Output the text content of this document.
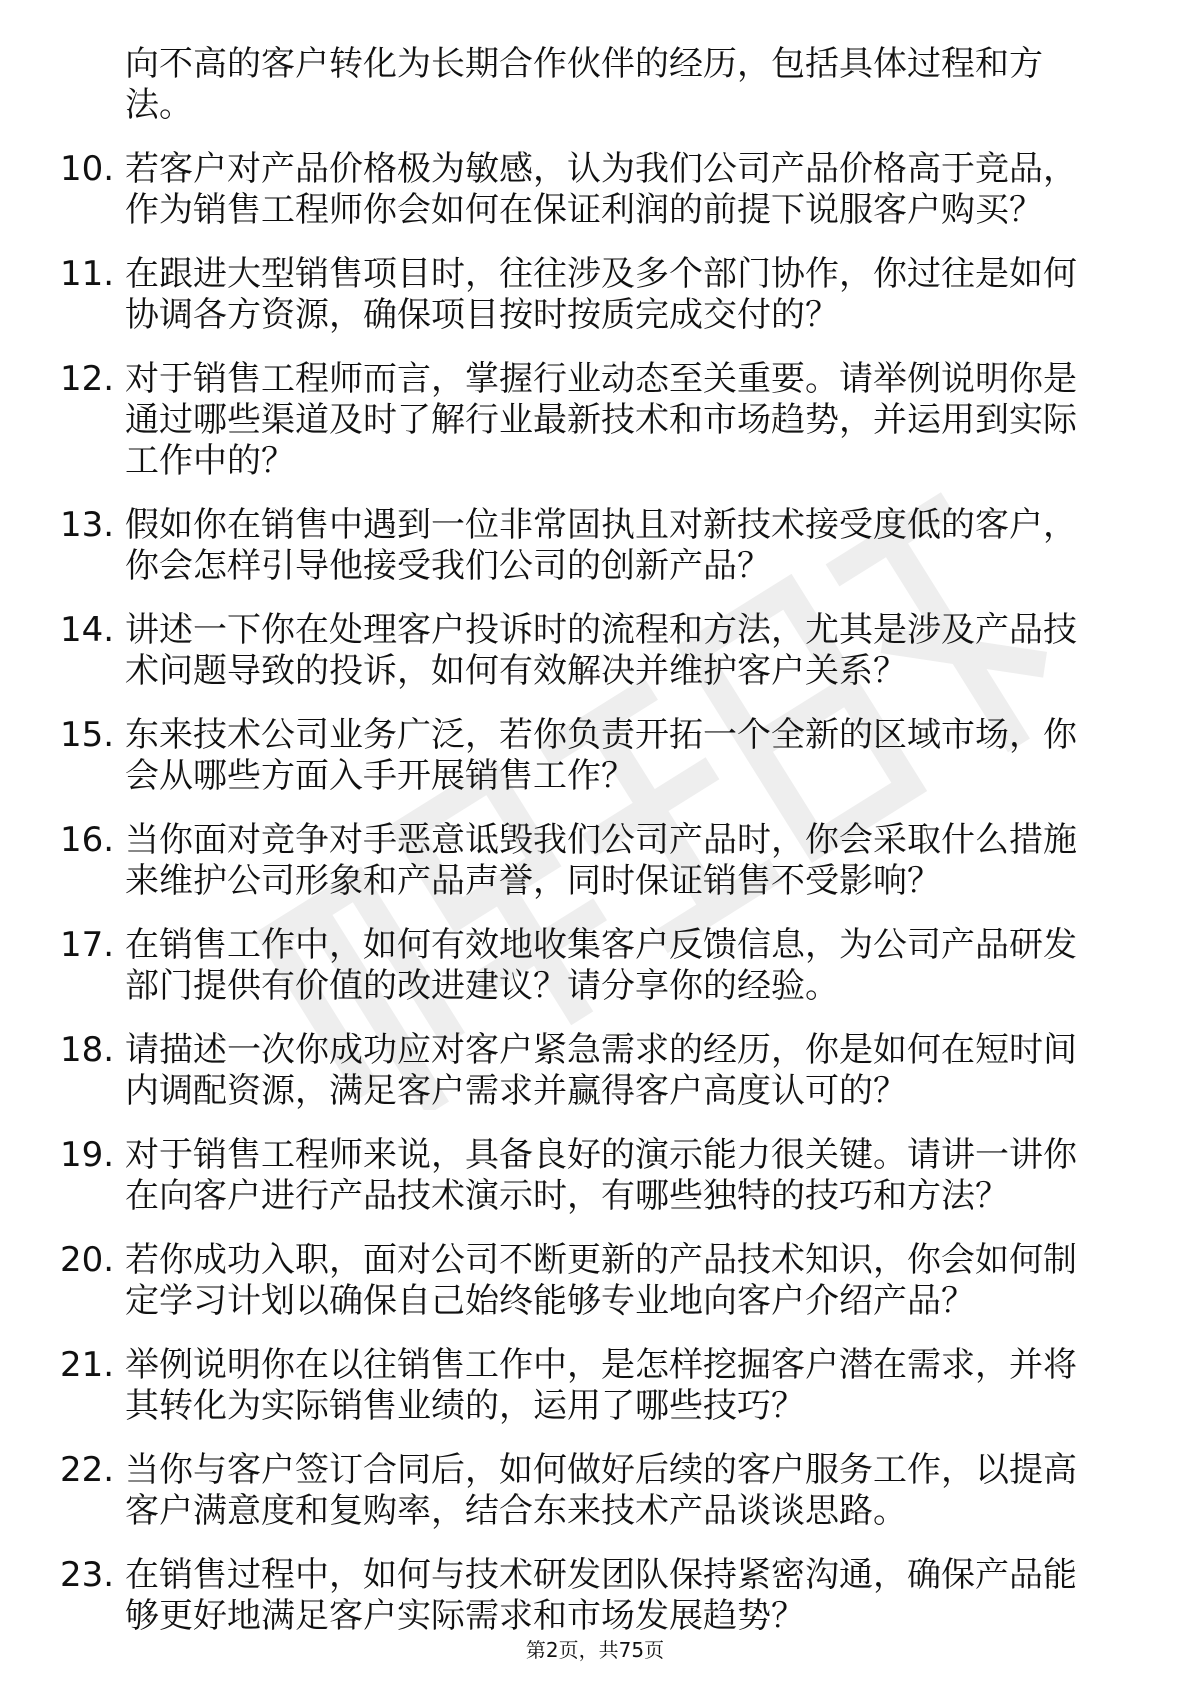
向不高的客户转化为长期合作伙伴的经历，包括具体过程和方
法。

10. 若客户对产品价格极为敏感，认为我们公司产品价格高于竞品，
作为销售工程师你会如何在保证利润的前提下说服客户购买？
11. 在跟进大型销售项目时，往往涉及多个部门协作，你过往是如何
协调各方资源，确保项目按时按质完成交付的？
12. 对于销售工程师而言，掌握行业动态至关重要。请举例说明你是
通过哪些渠道及时了解行业最新技术和市场趋势，并运用到实际
工作中的？
13. 假如你在销售中遇到一位非常固执且对新技术接受度低的客户，
你会怎样引导他接受我们公司的创新产品？
14. 讲述一下你在处理客户投诉时的流程和方法，尤其是涉及产品技
术问题导致的投诉，如何有效解决并维护客户关系？
15. 东来技术公司业务广泛，若你负责开拓一个全新的区域市场，你
会从哪些方面入手开展销售工作？
16. 当你面对竞争对手恶意诋毁我们公司产品时，你会采取什么措施
来维护公司形象和产品声誉，同时保证销售不受影响？
17. 在销售工作中，如何有效地收集客户反馈信息，为公司产品研发
部门提供有价值的改进建议？请分享你的经验。
18. 请描述一次你成功应对客户紧急需求的经历，你是如何在短时间
内调配资源，满足客户需求并赢得客户高度认可的？
19. 对于销售工程师来说，具备良好的演示能力很关键。请讲一讲你
在向客户进行产品技术演示时，有哪些独特的技巧和方法？
20. 若你成功入职，面对公司不断更新的产品技术知识，你会如何制
定学习计划以确保自己始终能够专业地向客户介绍产品？
21. 举例说明你在以往销售工作中，是怎样挖掘客户潜在需求，并将
其转化为实际销售业绩的，运用了哪些技巧？
22. 当你与客户签订合同后，如何做好后续的客户服务工作，以提高
客户满意度和复购率，结合东来技术产品谈谈思路。
23. 在销售过程中，如何与技术研发团队保持紧密沟通，确保产品能
够更好地满足客户实际需求和市场发展趋势？
第2页，共75页
